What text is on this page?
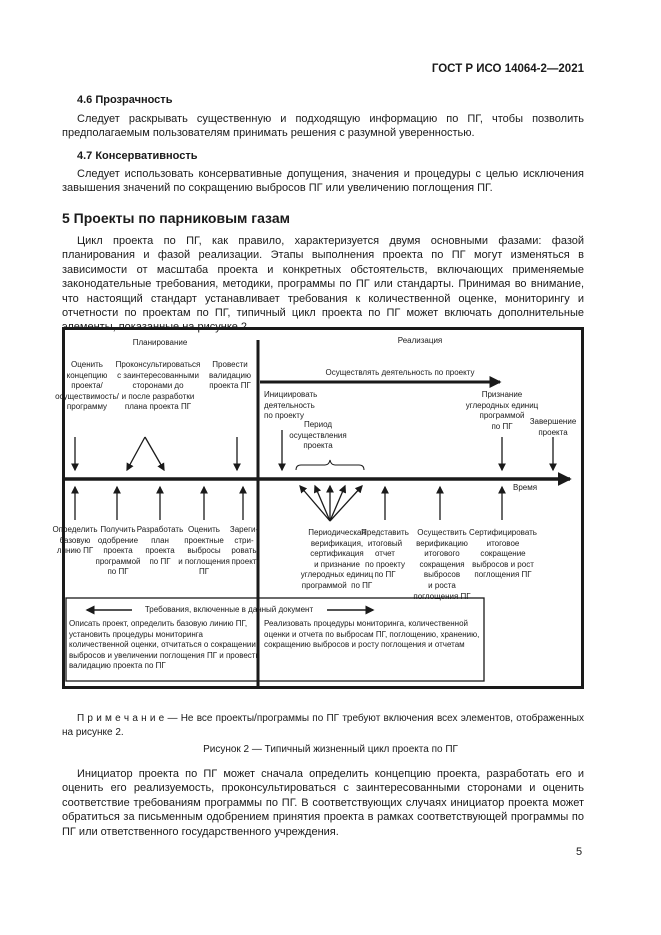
ГОСТ Р ИСО 14064-2—2021
4.6 Прозрачность

Следует раскрывать существенную и подходящую информацию по ПГ, чтобы позволить предполагаемым пользователям принимать решения с разумной уверенностью.

4.7 Консервативность

Следует использовать консервативные допущения, значения и процедуры с целью исключения завышения значений по сокращению выбросов ПГ или увеличению поглощения ПГ.

5 Проекты по парниковым газам

Цикл проекта по ПГ, как правило, характеризуется двумя основными фазами: фазой планирования и фазой реализации. Этапы выполнения проекта по ПГ могут изменяться в зависимости от масштаба проекта и конкретных обстоятельств, включающих применяемые законодательные требования, методики, программы по ПГ или стандарты. Принимая во внимание, что настоящий стандарт устанавливает требования к количественной оценке, мониторингу и отчетности по проектам по ПГ, типичный цикл проекта по ПГ может включать дополнительные элементы, показанные на рисунке 2.

Планирование	Реализация
Осуществлять деятельность по проекту
Время
Оценить
концепцию
проекта/
осуществимость/
программу
Проконсультироваться
с заинтересованными
сторонами до
и после разработки
плана проекта ПГ
Провести
валидацию
проекта ПГ
Определить
базовую
линию ПГ
Получить
одобрение
проекта
программой
по ПГ
Разработать
план
проекта
по ПГ
Оценить
проектные
выбросы
и поглощения
ПГ
Зареги-
стри-
ровать
проект
Инициировать
деятельность
по проекту
Период
осуществления
проекта
Признание
углеродных единиц
программой
по ПГ
Завершение
проекта
Периодическая
верификация,
сертификация
и признание
углеродных единиц
программой  по ПГ
Представить
итоговый
отчет
по проекту
по ПГ
Осуществить
верификацию
итогового
сокращения
выбросов
и роста
поглощения ПГ
Сертифицировать
итоговое
сокращение
выбросов и рост
поглощения ПГ
Требования, включенные в данный документ
Описать проект, определить базовую линию ПГ,
установить процедуры мониторинга
количественной оценки, отчитаться о сокращении
выбросов и увеличении поглощения ПГ и провести
валидацию проекта по ПГ
Реализовать процедуры мониторинга, количественной
оценки и отчета по выбросам ПГ, поглощению, хранению,
сокращению выбросов и росту поглощения и отчетам

П р и м е ч а н и е — Не все проекты/программы по ПГ требуют включения всех элементов, отображенных на рисунке 2.

Рисунок 2 — Типичный жизненный цикл проекта по ПГ

Инициатор проекта по ПГ может сначала определить концепцию проекта, разработать его и оценить его реализуемость, проконсультироваться с заинтересованными сторонами и оценить соответствие требованиям программы по ПГ. В соответствующих случаях инициатор проекта может обратиться за письменным одобрением принятия проекта в рамках соответствующей программы по ПГ или ответственного государственного учреждения.

5
